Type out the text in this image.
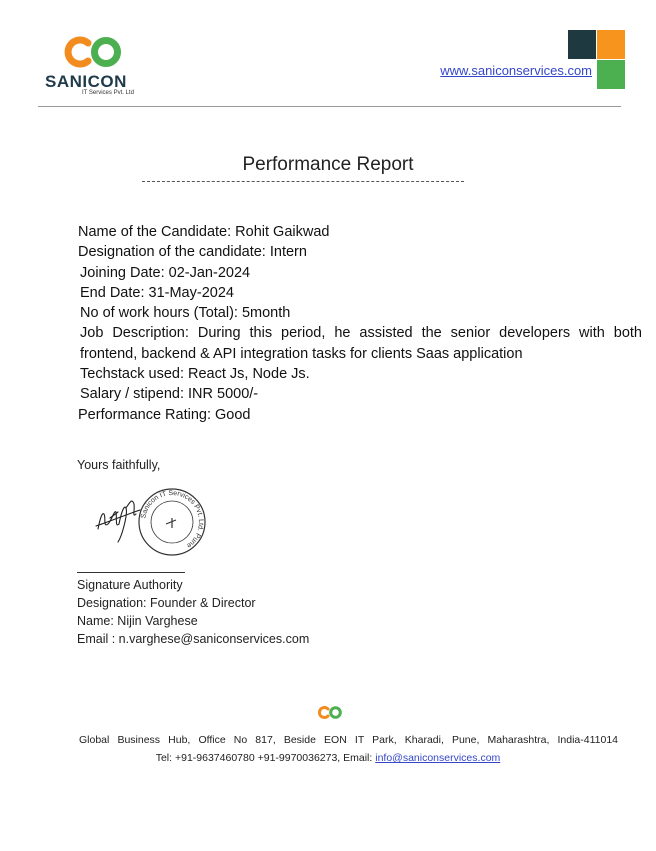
SANICON
IT Services Pvt. Ltd
www.saniconservices.com
Performance Report
Name of the Candidate: Rohit Gaikwad
Designation of the candidate: Intern
Joining Date: 02-Jan-2024
End Date: 31-May-2024
No of work hours (Total): 5month
Job Description: During this period, he assisted the senior developers with both frontend, backend & API integration tasks for clients Saas application
Techstack used: React Js, Node Js.
Salary / stipend: INR 5000/-
Performance Rating: Good
Yours faithfully,
Sanicon IT Services Pvt. Ltd. Pune
Signature Authority
Designation: Founder & Director
Name: Nijin Varghese
Email : n.varghese@saniconservices.com
Global Business Hub, Office No 817, Beside EON IT Park, Kharadi, Pune, Maharashtra, India-411014
Tel: +91-9637460780 +91-9970036273, Email: info@saniconservices.com
